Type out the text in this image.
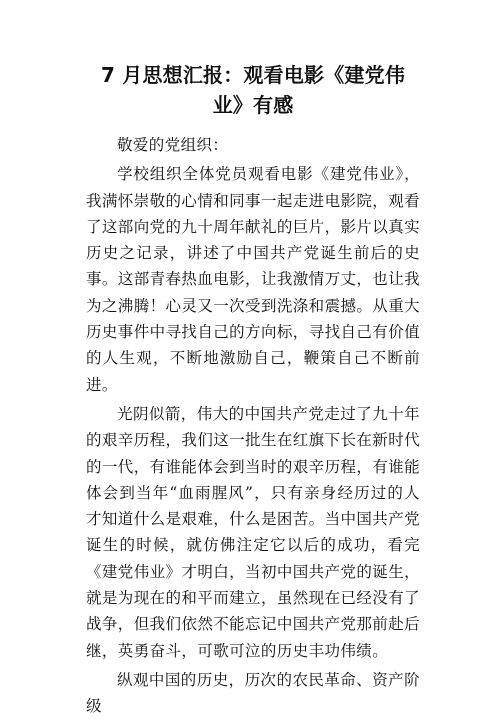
7 月思想汇报：观看电影《建党伟业》有感

敬爱的党组织：

学校组织全体党员观看电影《建党伟业》，我满怀崇敬的心情和同事一起走进电影院，观看了这部向党的九十周年献礼的巨片，影片以真实历史之记录，讲述了中国共产党诞生前后的史事。这部青春热血电影，让我激情万丈，也让我为之沸腾！心灵又一次受到洗涤和震撼。从重大历史事件中寻找自己的方向标，寻找自己有价值的人生观，不断地激励自己，鞭策自己不断前进。

光阴似箭，伟大的中国共产党走过了九十年的艰辛历程，我们这一批生在红旗下长在新时代的一代，有谁能体会到当时的艰辛历程，有谁能体会到当年“血雨腥风”，只有亲身经历过的人才知道什么是艰难，什么是困苦。当中国共产党诞生的时候，就仿佛注定它以后的成功，看完《建党伟业》才明白，当初中国共产党的诞生，就是为现在的和平而建立，虽然现在已经没有了战争，但我们依然不能忘记中国共产党那前赴后继，英勇奋斗，可歌可泣的历史丰功伟绩。

纵观中国的历史，历次的农民革命、资产阶级
